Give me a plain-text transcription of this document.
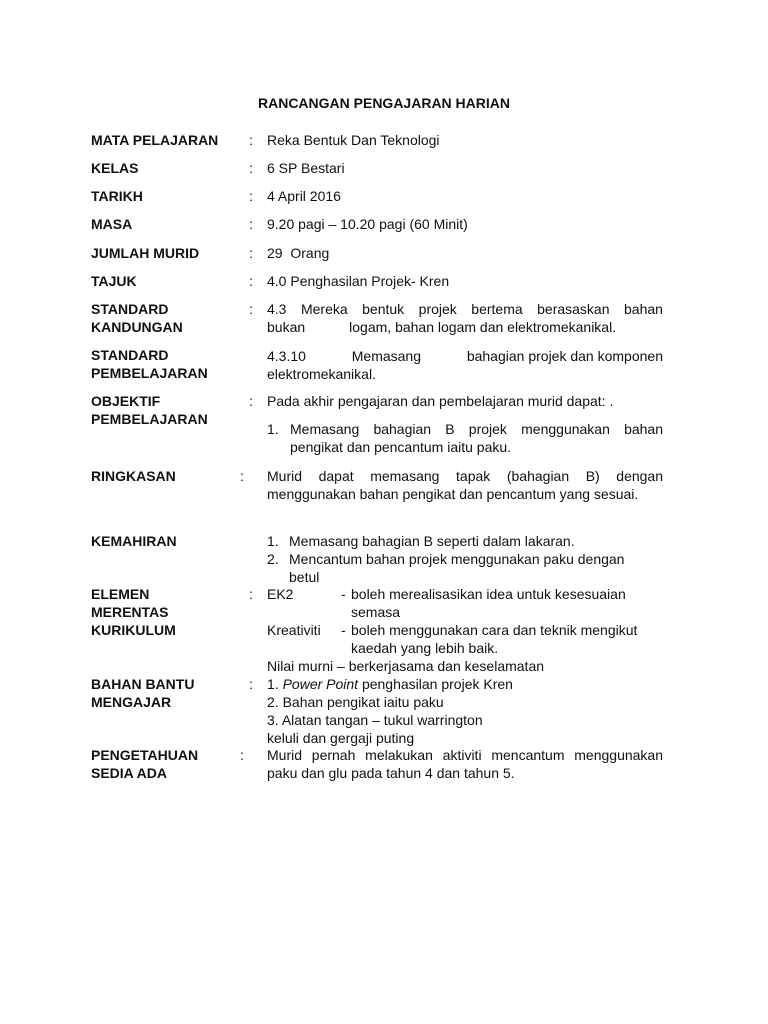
RANCANGAN PENGAJARAN HARIAN
MATA PELAJARAN	: Reka Bentuk Dan Teknologi
KELAS	: 6 SP Bestari
TARIKH	: 4 April 2016
MASA	: 9.20 pagi – 10.20 pagi (60 Minit)
JUMLAH MURID	: 29  Orang
TAJUK	: 4.0 Penghasilan Projek- Kren
STANDARD
KANDUNGAN
: 4.3 Mereka bentuk projek bertema berasaskan bahan
bukan	logam, bahan logam dan elektromekanikal.
STANDARD
PEMBELAJARAN
4.3.10	Memasang	bahagian projek dan komponen
elektromekanikal.
OBJEKTIF
PEMBELAJARAN
: Pada akhir pengajaran dan pembelajaran murid dapat: .
1. Memasang bahagian B projek menggunakan bahan pengikat dan pencantum iaitu paku.
RINGKASAN	: Murid dapat memasang tapak (bahagian B) dengan menggunakan bahan pengikat dan pencantum yang sesuai.
KEMAHIRAN	1. Memasang bahagian B seperti dalam lakaran.
2. Mencantum bahan projek menggunakan paku dengan betul
ELEMEN
MERENTAS
KURIKULUM
: EK2	- boleh merealisasikan idea untuk kesesuaian semasa
Kreativiti - boleh menggunakan cara dan teknik mengikut kaedah yang lebih baik.
Nilai murni – berkerjasama dan keselamatan
BAHAN BANTU
MENGAJAR
: 1. Power Point penghasilan projek Kren
2. Bahan pengikat iaitu paku
3. Alatan tangan – tukul warrington
keluli dan gergaji puting
PENGETAHUAN
SEDIA ADA
: Murid pernah melakukan aktiviti mencantum menggunakan paku dan glu pada tahun 4 dan tahun 5.
